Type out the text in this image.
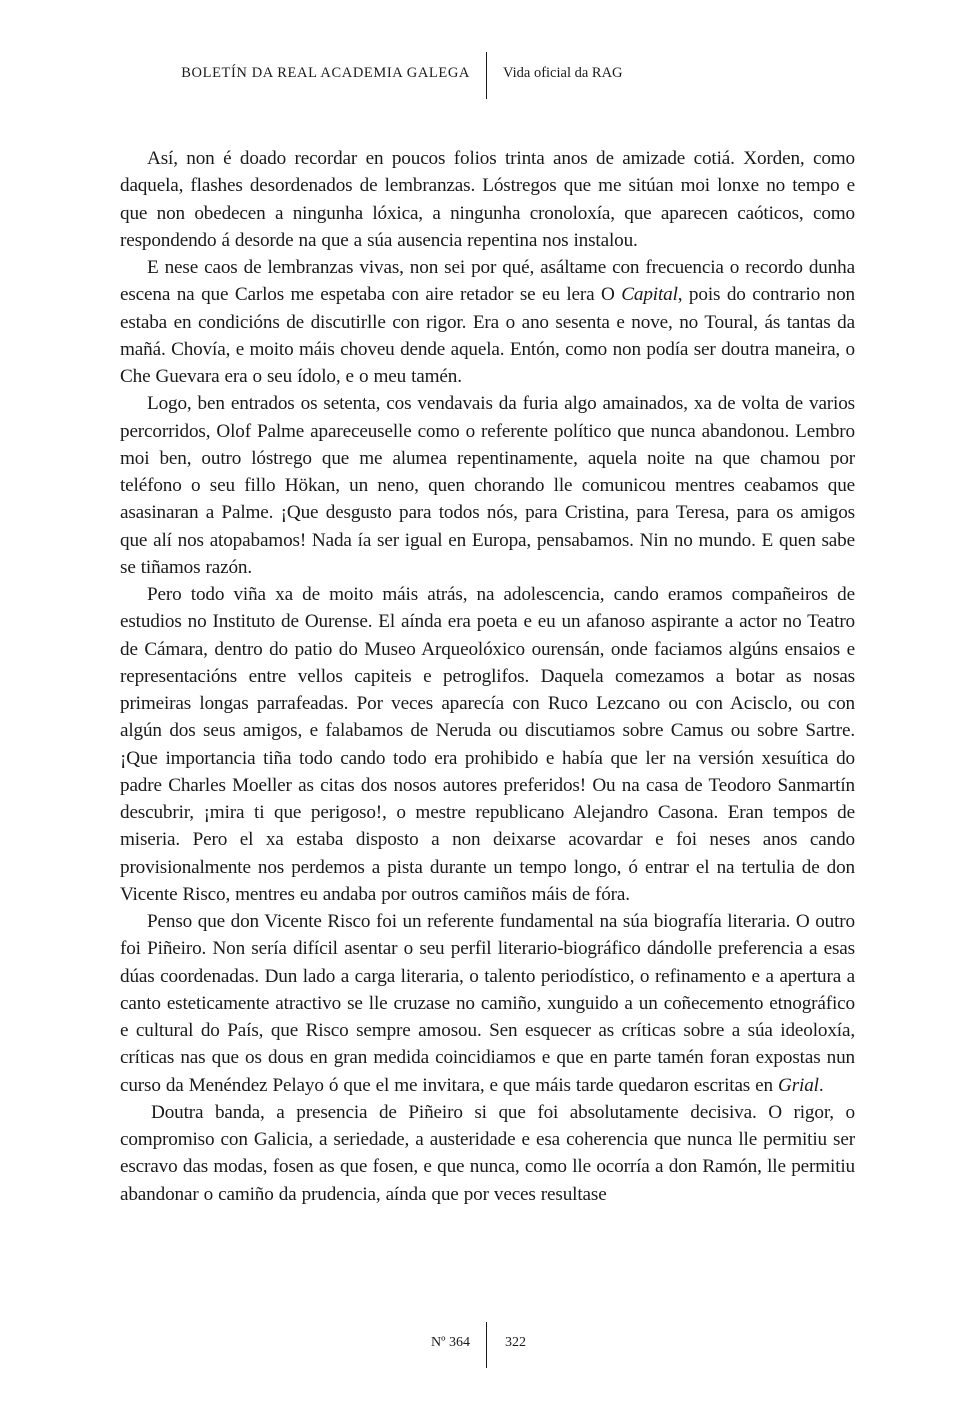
BOLETÍN DA REAL ACADEMIA GALEGA Vida oficial da RAG

Así, non é doado recordar en poucos folios trinta anos de amizade cotiá. Xorden, como daquela, flashes desordenados de lembranzas. Lóstregos que me sitúan moi lonxe no tempo e que non obedecen a ningunha lóxica, a ningunha cronoloxía, que aparecen caóticos, como respondendo á desorde na que a súa ausencia repentina nos instalou.

E nese caos de lembranzas vivas, non sei por qué, asáltame con frecuencia o recordo dunha escena na que Carlos me espetaba con aire retador se eu lera O Capital, pois do contrario non estaba en condicións de discutirlle con rigor. Era o ano sesenta e nove, no Toural, ás tantas da mañá. Chovía, e moito máis choveu dende aquela. Entón, como non podía ser doutra maneira, o Che Guevara era o seu ídolo, e o meu tamén.

Logo, ben entrados os setenta, cos vendavais da furia algo amainados, xa de volta de varios percorridos, Olof Palme apareceuselle como o referente político que nunca abandonou. Lembro moi ben, outro lóstrego que me alumea repentinamente, aquela noite na que chamou por teléfono o seu fillo Hökan, un neno, quen chorando lle comunicou mentres ceabamos que asasinaran a Palme. ¡Que desgusto para todos nós, para Cristina, para Teresa, para os amigos que alí nos atopabamos! Nada ía ser igual en Europa, pensabamos. Nin no mundo. E quen sabe se tiñamos razón.

Pero todo viña xa de moito máis atrás, na adolescencia, cando eramos compañeiros de estudios no Instituto de Ourense. El aínda era poeta e eu un afanoso aspirante a actor no Teatro de Cámara, dentro do patio do Museo Arqueolóxico ourensán, onde faciamos algúns ensaios e representacións entre vellos capiteis e petroglifos. Daquela comezamos a botar as nosas primeiras longas parrafeadas. Por veces aparecía con Ruco Lezcano ou con Acisclo, ou con algún dos seus amigos, e falabamos de Neruda ou discutiamos sobre Camus ou sobre Sartre. ¡Que importancia tiña todo cando todo era prohibido e había que ler na versión xesuítica do padre Charles Moeller as citas dos nosos autores preferidos! Ou na casa de Teodoro Sanmartín descubrir, ¡mira ti que perigoso!, o mestre republicano Alejandro Casona. Eran tempos de miseria. Pero el xa estaba disposto a non deixarse acovardar e foi neses anos cando provisionalmente nos perdemos a pista durante un tempo longo, ó entrar el na tertulia de don Vicente Risco, mentres eu andaba por outros camiños máis de fóra.

Penso que don Vicente Risco foi un referente fundamental na súa biografía literaria. O outro foi Piñeiro. Non sería difícil asentar o seu perfil literario-biográfico dándolle preferencia a esas dúas coordenadas. Dun lado a carga literaria, o talento periodístico, o refinamento e a apertura a canto esteticamente atractivo se lle cruzase no camiño, xunguido a un coñecemento etnográfico e cultural do País, que Risco sempre amosou. Sen esquecer as críticas sobre a súa ideoloxía, críticas nas que os dous en gran medida coincidiamos e que en parte tamén foran expostas nun curso da Menéndez Pelayo ó que el me invitara, e que máis tarde quedaron escritas en Grial.

Doutra banda, a presencia de Piñeiro si que foi absolutamente decisiva. O rigor, o compromiso con Galicia, a seriedade, a austeridade e esa coherencia que nunca lle permitiu ser escravo das modas, fosen as que fosen, e que nunca, como lle ocorría a don Ramón, lle permitiu abandonar o camiño da prudencia, aínda que por veces resultase

Nº 364	322
